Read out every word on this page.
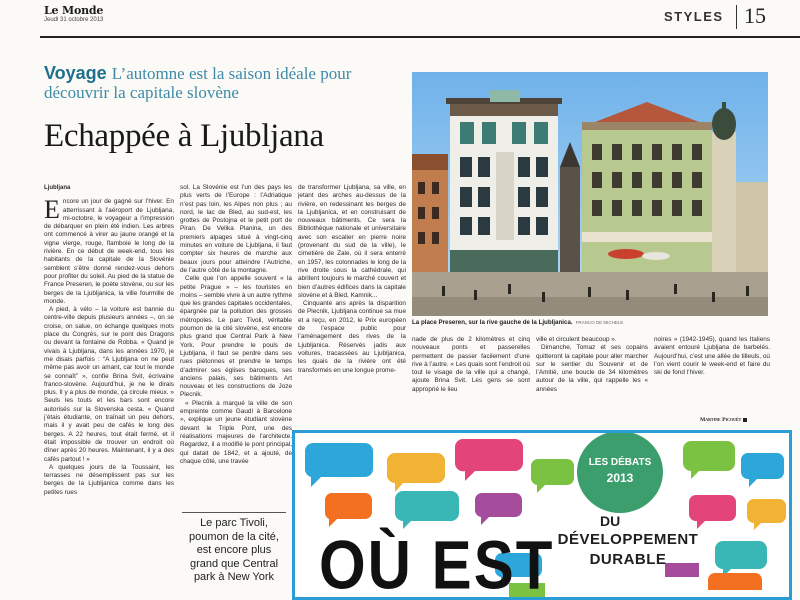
Le Monde
Jeudi 31 octobre 2013	STYLES 15
Voyage L’automne est la saison idéale pour découvrir la capitale slovène
Echappée à Ljubljana
La place Preseren, sur la rive gauche de la Ljubljanica. FRANCO DE MICHELE

Ljubljana

Encore un jour de gagné sur l’hiver. En atterrissant à l’aéroport de Ljubljana, mi-octobre, le voyageur a l’impression de débarquer en plein été indien. Les arbres ont commencé à virer au jaune orangé et la vigne vierge, rouge, flamboie le long de la rivière. En ce début de week-end, tous les habitants de la capitale de la Slovénie semblent s’être donné rendez-vous dehors pour profiter du soleil. Au pied de la statue de France Preseren, le poète slovène, ou sur les berges de la Ljubljanica, la ville fourmille de monde.

A pied, à vélo – la voiture est bannie du centre-ville depuis plusieurs années –, on se croise, on salue, on échange quelques mots place du Congrès, sur le pont des Dragons ou devant la fontaine de Robba. « Quand je vivais à Ljubljana, dans les années 1970, je me disais parfois : “A Ljubljana on ne peut même pas avoir un amant, car tout le monde se connaît” », confie Brina Svit, écrivaine franco-slovène. Aujourd’hui, je ne le dirais plus. Il y a plus de monde, ça circule mieux. » Seuls les touts et les bars sont encore autorisés sur la Slovenska cesta. « Quand j’étais étudiante, on traînait un peu dehors, mais il y avait peu de cafés le long des berges. A 22 heures, tout était fermé, et il était impossible de trouver un endroit où dîner après 20 heures. Maintenant, il y a des cafés partout ! »

A quelques jours de la Toussaint, les terrasses ne désemplissent pas sur les berges de la Ljubljanica comme dans les petites rues

sol. La Slovénie est l’un des pays les plus verts de l’Europe : l’Adriatique n’est pas loin, les Alpes non plus ; au nord, le lac de Bled, au sud-est, les grottes de Postojna et le petit port de Piran. De Velika Planina, un des premiers alpages situé à vingt-cinq minutes en voiture de Ljubljana, il faut compter six heures de marche aux beaux jours pour atteindre l’Autriche, de l’autre côté de la montagne.

Celle que l’on appelle souvent « la petite Prague » – les touristes en moins – semble vivre à un autre rythme que les grandes capitales occidentales, épargnée par la pollution des grosses métropoles. Le parc Tivoli, véritable poumon de la cité slovène, est encore plus grand que Central Park à New York. Pour prendre le pouls de Ljubljana, il faut se perdre dans ses rues piétonnes et prendre le temps d’admirer ses églises baroques, ses anciens palais, ses bâtiments Art nouveau et les constructions de Joze Plecnik.

« Plecnik a marqué la ville de son empreinte comme Gaudí à Barcelone », explique un jeune étudiant slovène devant le Triple Pont, une des réalisations majeures de l’architecte. Regardez, il a modifié le pont principal, qui datait de 1842, et a ajouté, de chaque côté, une travée

Le parc Tivoli, poumon de la cité, est encore plus grand que Central park à New York

de transformer Ljubljana, sa ville, en jetant des arches au-dessus de la rivière, en redessinant les berges de la Ljubljanica, et en construisant de nouveaux bâtiments. Ce sera la Bibliothèque nationale et universitaire avec son escalier en pierre noire (provenant du sud de la ville), le cimetière de Zale, où il sera enterré en 1957, les colonnades le long de la rive droite sous la cathédrale, qui abritent toujours le marché couvert et bien d’autres édifices dans la capitale slovène et à Bled, Kamnik...

Cinquante ans après la disparition de Plecnik, Ljubljana continue sa mue et a reçu, en 2012, le Prix européen de l’espace public pour l’aménagement des rives de la Ljubljanica. Réservés jadis aux voitures, tracassées au Ljubljanica, les quais de la rivière ont été transformés en une longue prome-

nade de plus de 2 kilomètres et cinq nouveaux ponts et passerelles permettent de passer facilement d’une rive à l’autre. « Les quais sont l’endroit où tout le visage de la ville qui a changé, ajoute Brina Svit. Les gens se sont approprié le lieu

ville et circulent beaucoup ».

Dimanche, Tomaz et ses copains quitteront la capitale pour aller marcher sur le sentier du Souvenir et de l’Amitié, une boucle de 34 kilomètres autour de la ville, qui rappelle les « années

noires » (1942-1945), quand les Italiens avaient entouré Ljubljana de barbelés. Aujourd’hui, c’est une allée de tilleuls, où l’on vient courir le week-end et faire du ski de fond l’hiver.

Martine Picouët
LES DÉBATS
2013
DU
DÉVELOPPEMENT
DURABLE
OÙ EST
